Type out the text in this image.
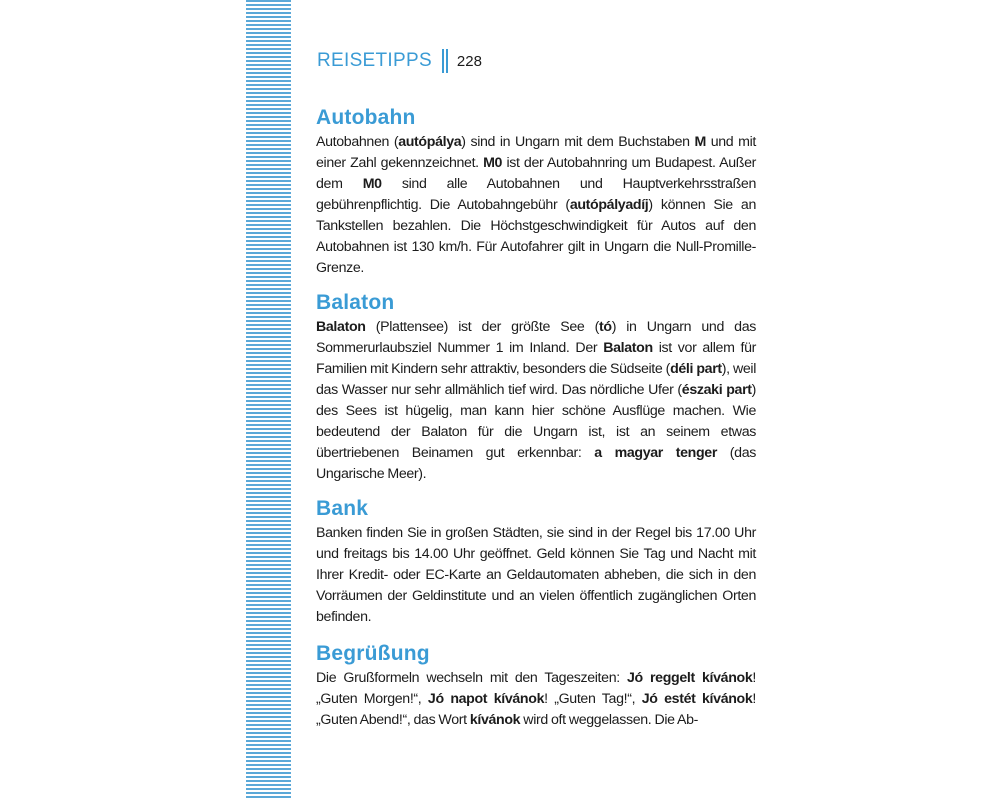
REISETIPPS 228
Autobahn

Autobahnen (autópálya) sind in Ungarn mit dem Buchstaben M und mit einer Zahl gekennzeichnet. M0 ist der Autobahnring um Budapest. Außer dem M0 sind alle Autobahnen und Hauptverkehrsstraßen gebührenpflichtig. Die Autobahngebühr (autópályadíj) können Sie an Tankstellen bezahlen. Die Höchstgeschwindigkeit für Autos auf den Autobahnen ist 130 km/h. Für Autofahrer gilt in Ungarn die Null-Promille-Grenze.

Balaton

Balaton (Plattensee) ist der größte See (tó) in Ungarn und das Sommerurlaubsziel Nummer 1 im Inland. Der Balaton ist vor allem für Familien mit Kindern sehr attraktiv, besonders die Südseite (déli part), weil das Wasser nur sehr allmählich tief wird. Das nördliche Ufer (északi part) des Sees ist hügelig, man kann hier schöne Ausflüge machen. Wie bedeutend der Balaton für die Ungarn ist, ist an seinem etwas übertriebenen Beinamen gut erkennbar: a magyar tenger (das Ungarische Meer).

Bank

Banken finden Sie in großen Städten, sie sind in der Regel bis 17.00 Uhr und freitags bis 14.00 Uhr geöffnet. Geld können Sie Tag und Nacht mit Ihrer Kredit- oder EC-Karte an Geldautomaten abheben, die sich in den Vorräumen der Geldinstitute und an vielen öffentlich zugänglichen Orten befinden.

Begrüßung

Die Grußformeln wechseln mit den Tageszeiten: Jó reggelt kívánok! „Guten Morgen!“, Jó napot kívánok! „Guten Tag!“, Jó estét kívánok! „Guten Abend!“, das Wort kívánok wird oft weggelassen. Die Ab-
